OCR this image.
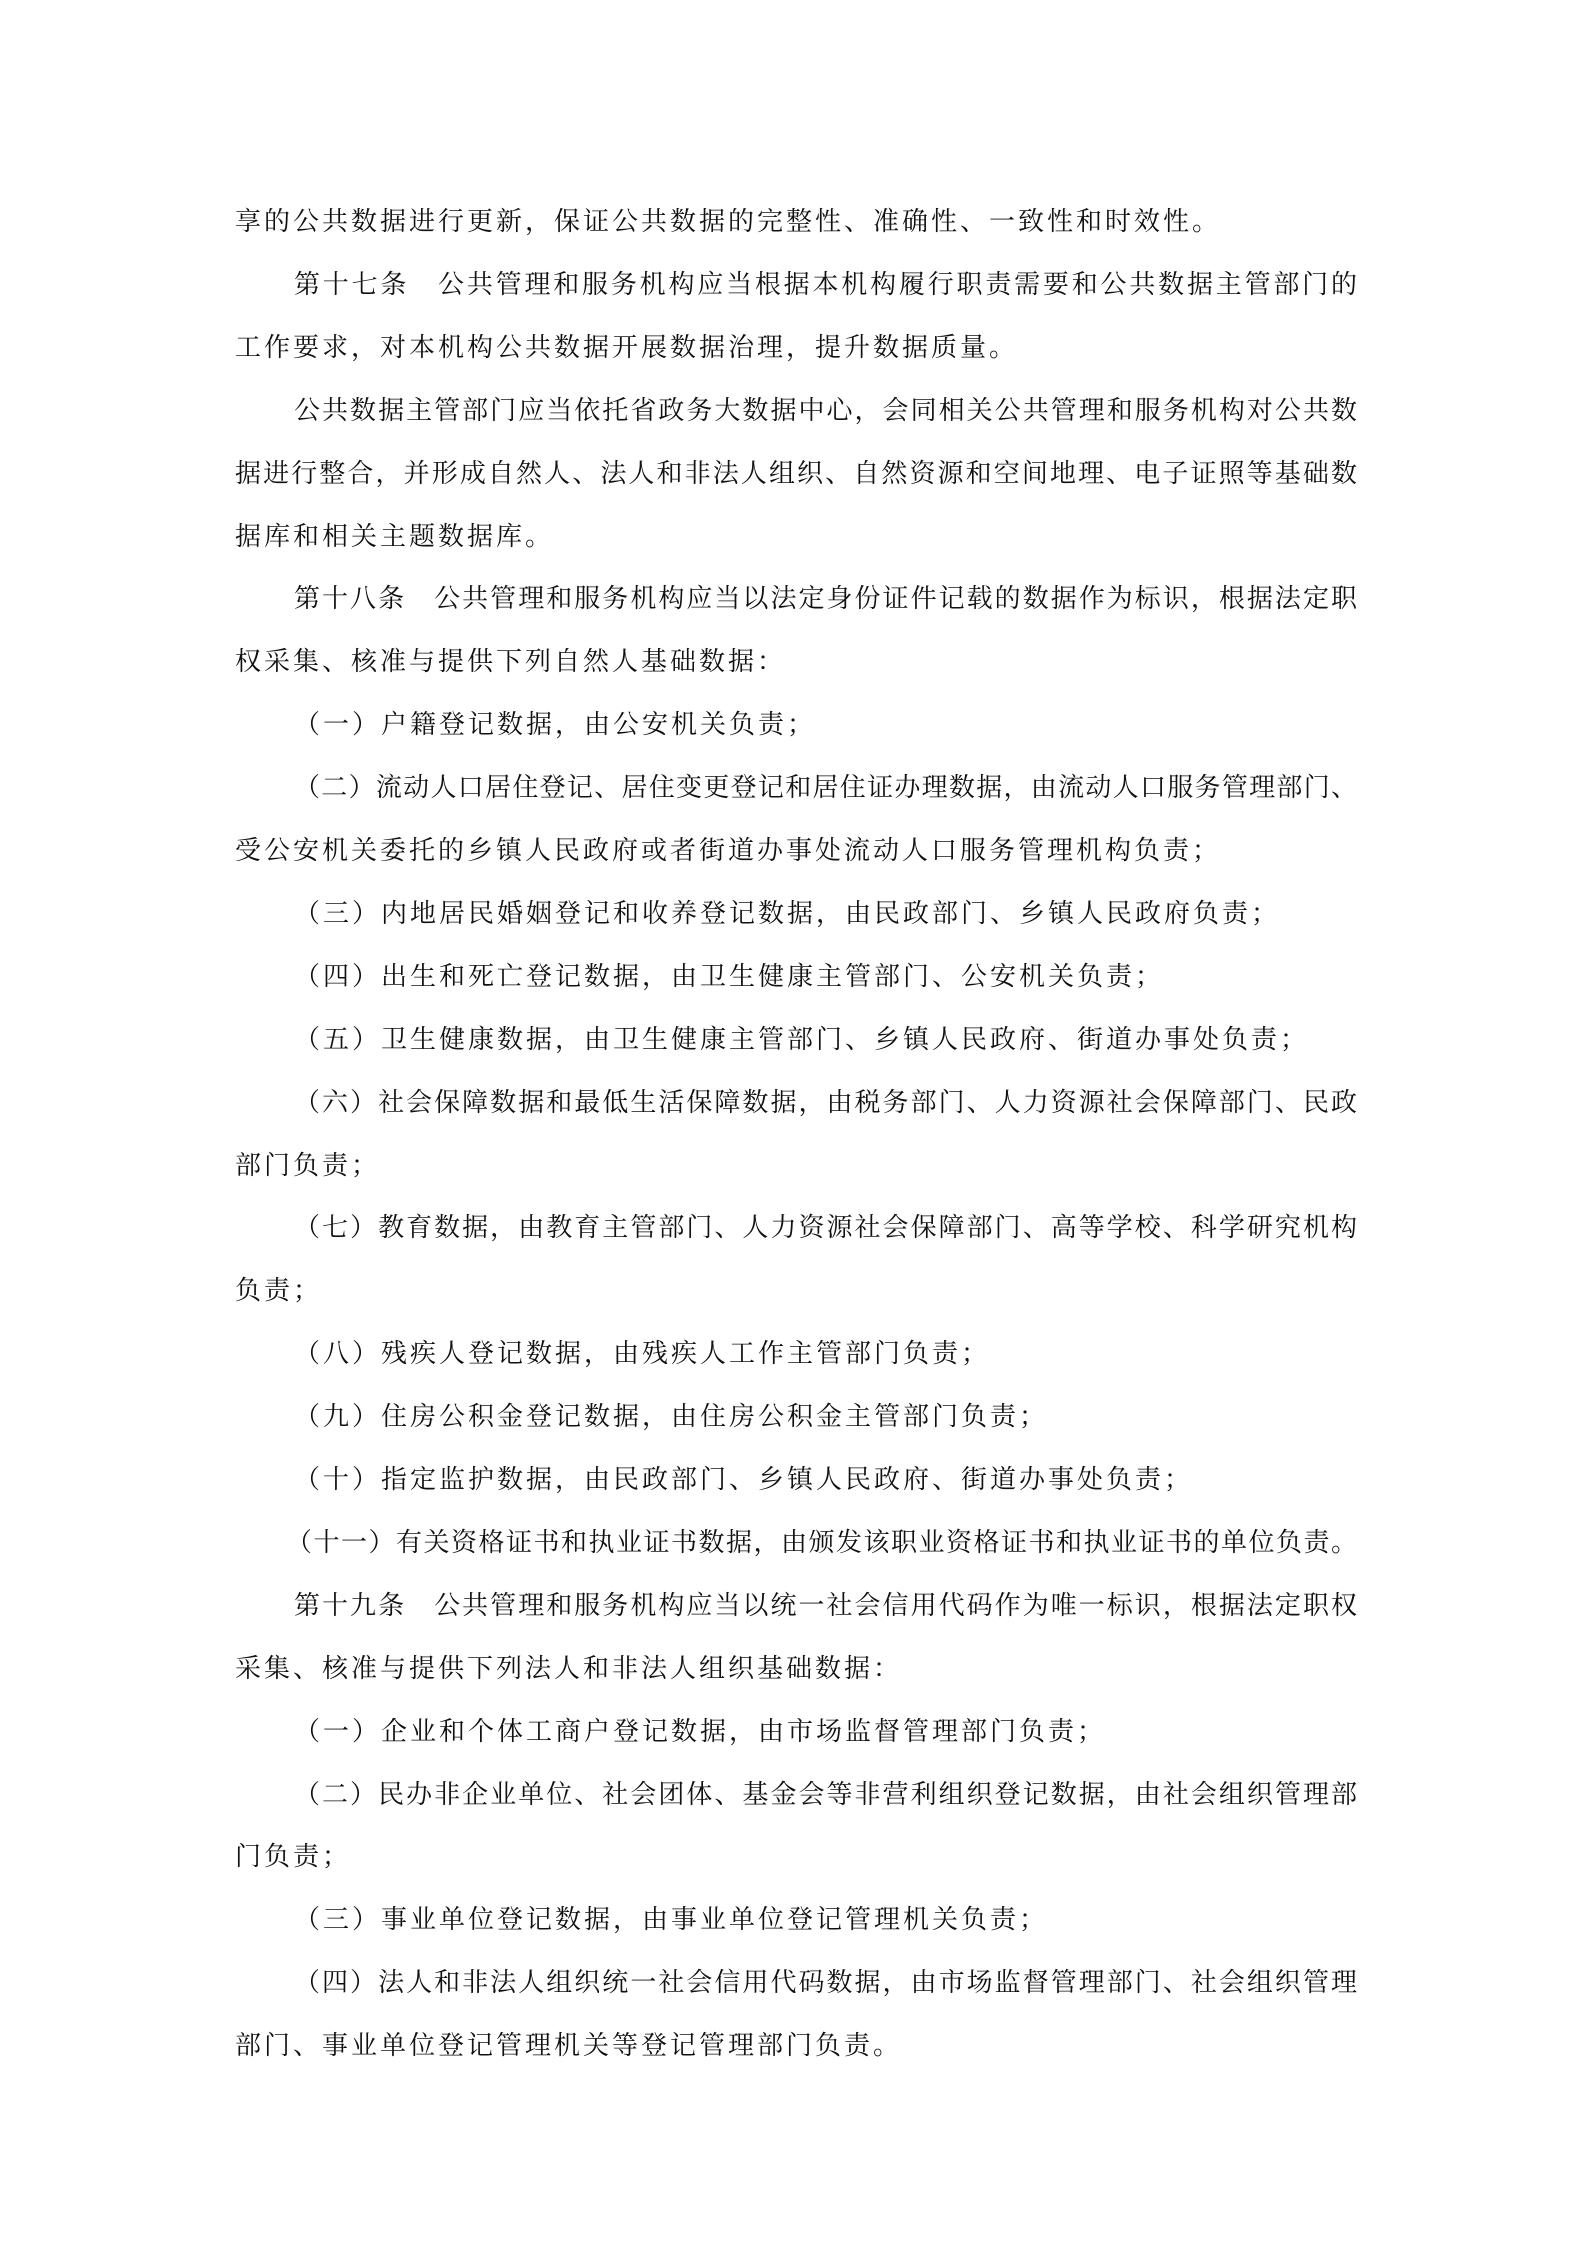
享的公共数据进行更新，保证公共数据的完整性、准确性、一致性和时效性。
第十七条　公共管理和服务机构应当根据本机构履行职责需要和公共数据主管部门的
工作要求，对本机构公共数据开展数据治理，提升数据质量。
公共数据主管部门应当依托省政务大数据中心，会同相关公共管理和服务机构对公共数
据进行整合，并形成自然人、法人和非法人组织、自然资源和空间地理、电子证照等基础数
据库和相关主题数据库。
第十八条　公共管理和服务机构应当以法定身份证件记载的数据作为标识，根据法定职
权采集、核准与提供下列自然人基础数据：
（一）户籍登记数据，由公安机关负责；
（二）流动人口居住登记、居住变更登记和居住证办理数据，由流动人口服务管理部门、
受公安机关委托的乡镇人民政府或者街道办事处流动人口服务管理机构负责；
（三）内地居民婚姻登记和收养登记数据，由民政部门、乡镇人民政府负责；
（四）出生和死亡登记数据，由卫生健康主管部门、公安机关负责；
（五）卫生健康数据，由卫生健康主管部门、乡镇人民政府、街道办事处负责；
（六）社会保障数据和最低生活保障数据，由税务部门、人力资源社会保障部门、民政
部门负责；
（七）教育数据，由教育主管部门、人力资源社会保障部门、高等学校、科学研究机构
负责；
（八）残疾人登记数据，由残疾人工作主管部门负责；
（九）住房公积金登记数据，由住房公积金主管部门负责；
（十）指定监护数据，由民政部门、乡镇人民政府、街道办事处负责；
（十一）有关资格证书和执业证书数据，由颁发该职业资格证书和执业证书的单位负责。
第十九条　公共管理和服务机构应当以统一社会信用代码作为唯一标识，根据法定职权
采集、核准与提供下列法人和非法人组织基础数据：
（一）企业和个体工商户登记数据，由市场监督管理部门负责；
（二）民办非企业单位、社会团体、基金会等非营利组织登记数据，由社会组织管理部
门负责；
（三）事业单位登记数据，由事业单位登记管理机关负责；
（四）法人和非法人组织统一社会信用代码数据，由市场监督管理部门、社会组织管理
部门、事业单位登记管理机关等登记管理部门负责。
